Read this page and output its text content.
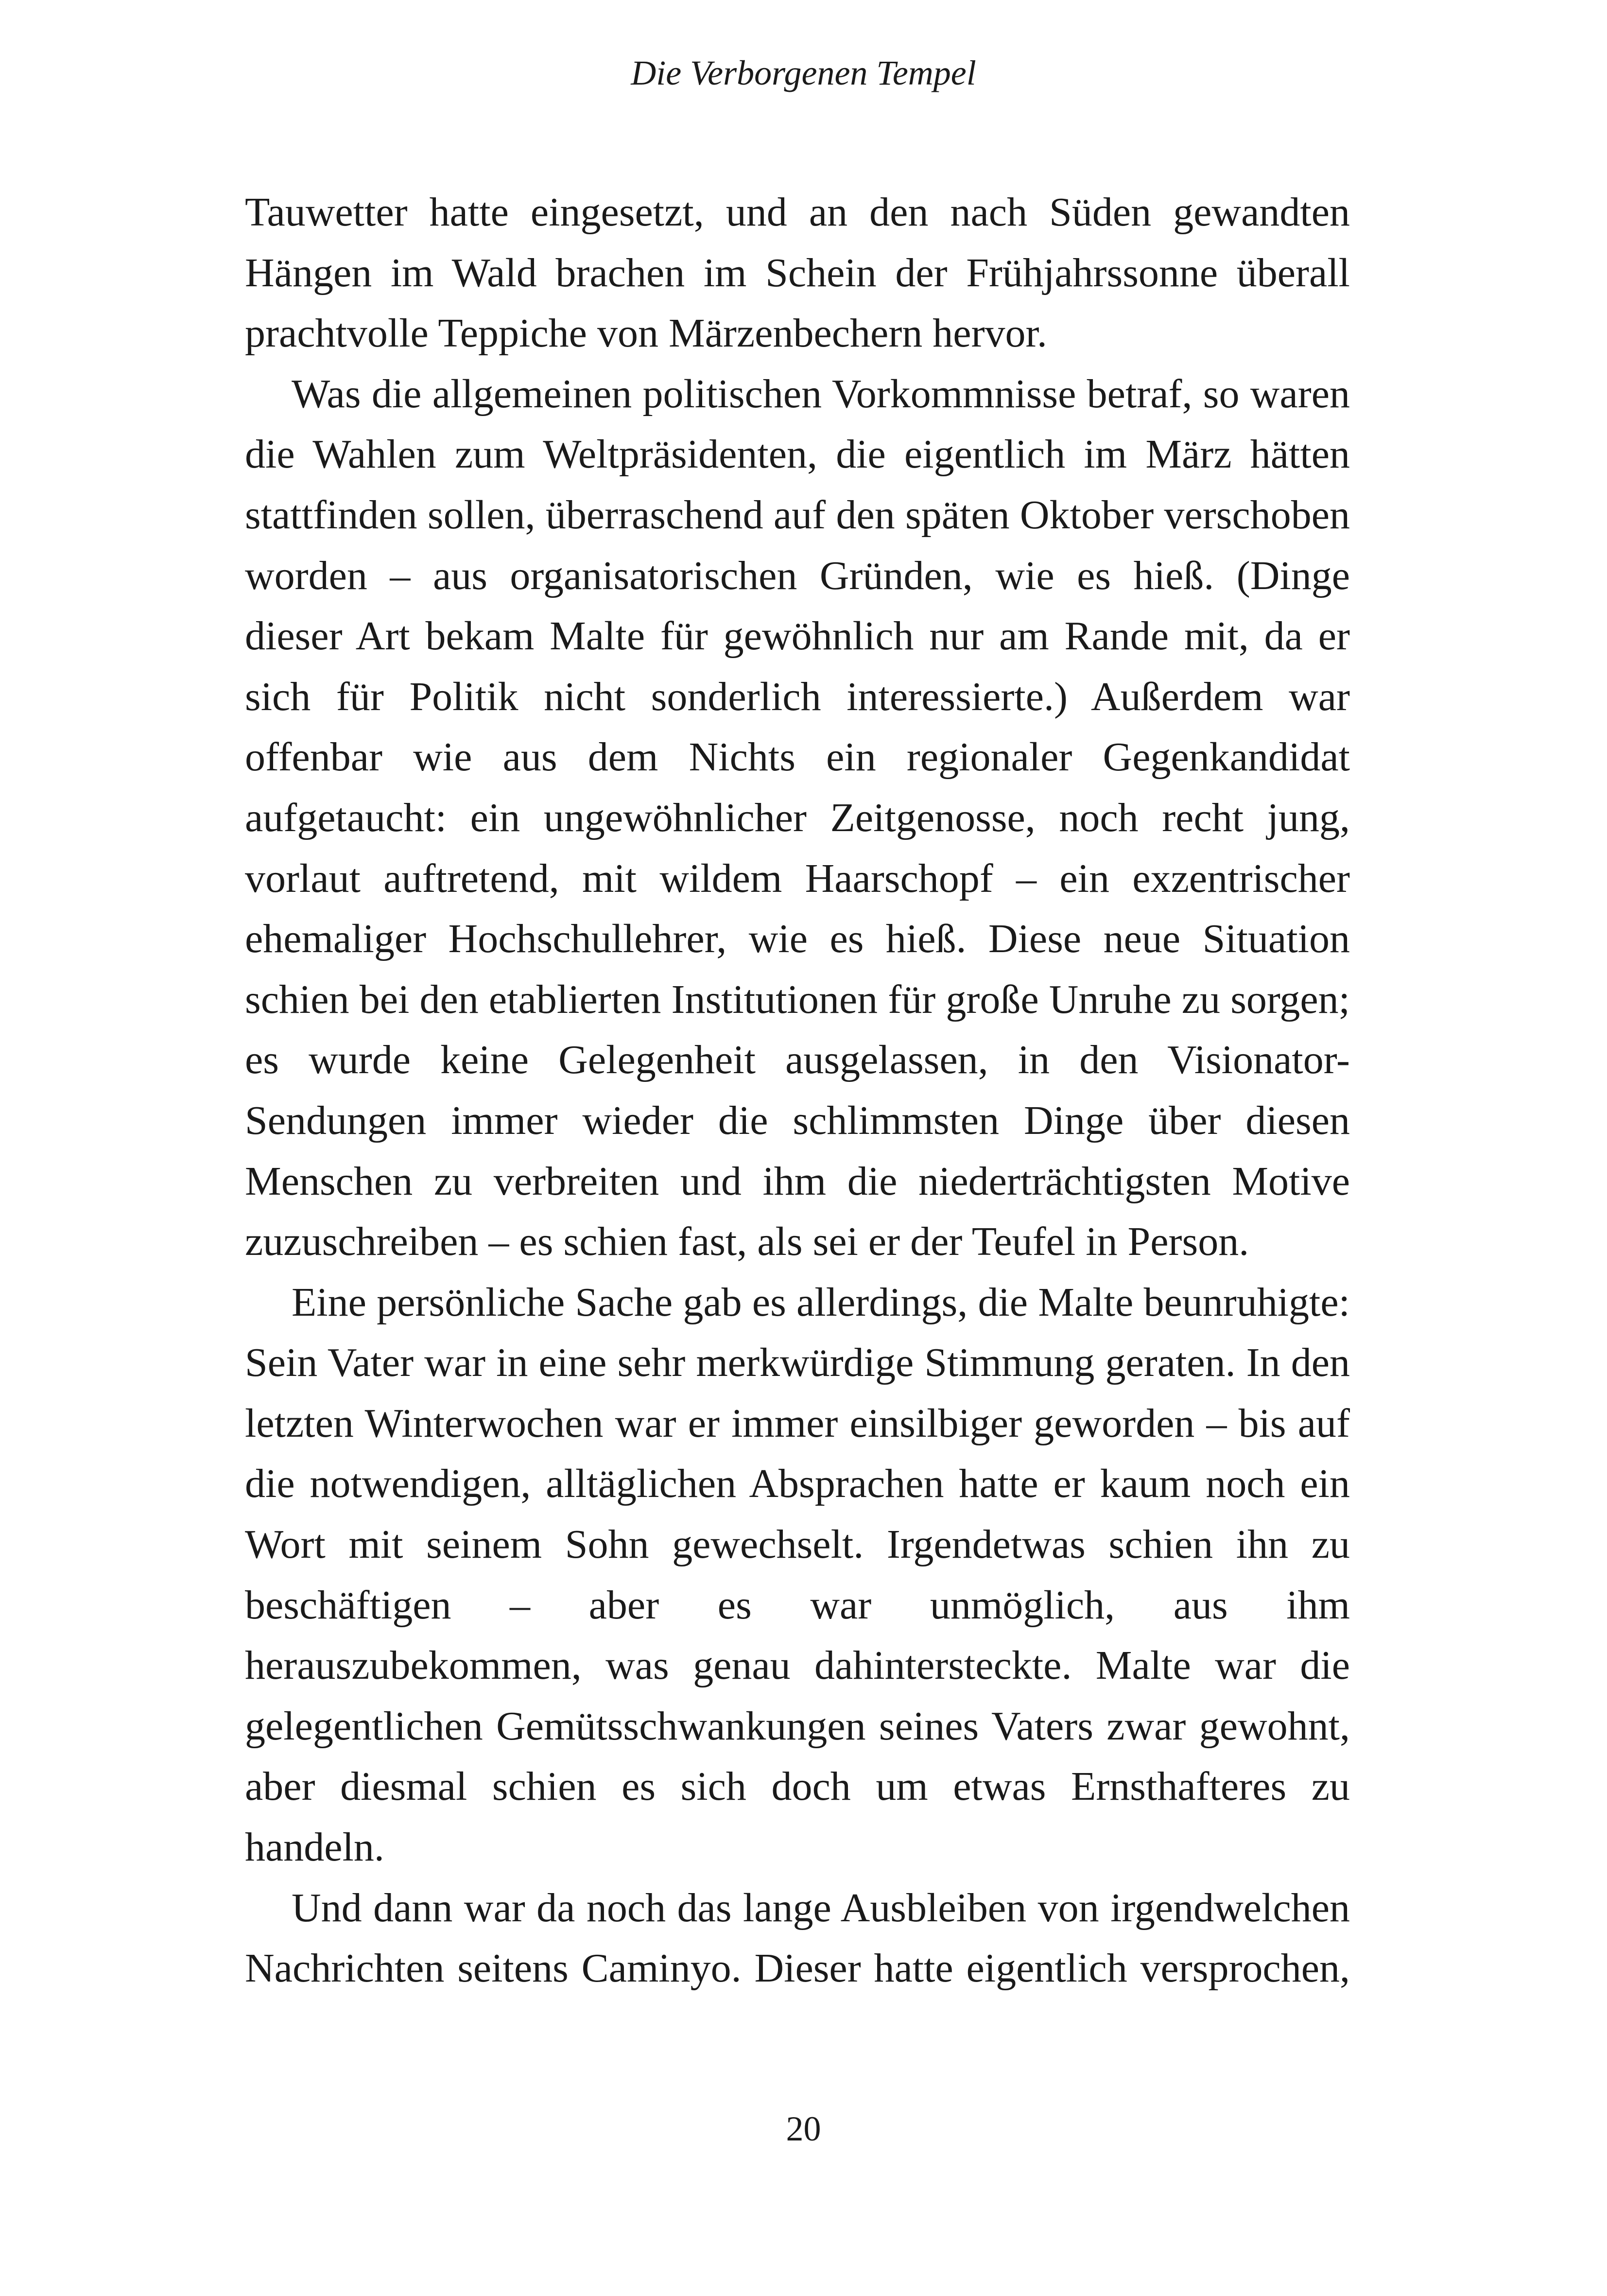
Die Verborgenen Tempel

Tauwetter hatte eingesetzt, und an den nach Süden gewandten Hängen im Wald brachen im Schein der Frühjahrssonne überall prachtvolle Teppiche von Märzenbechern hervor.

Was die allgemeinen politischen Vorkommnisse betraf, so waren die Wahlen zum Weltpräsidenten, die eigentlich im März hätten stattfinden sollen, überraschend auf den späten Oktober verschoben worden – aus organisatorischen Gründen, wie es hieß. (Dinge dieser Art bekam Malte für gewöhnlich nur am Rande mit, da er sich für Politik nicht sonderlich interessierte.) Außerdem war offenbar wie aus dem Nichts ein regionaler Gegenkandidat aufgetaucht: ein ungewöhnlicher Zeitgenosse, noch recht jung, vorlaut auftretend, mit wildem Haarschopf – ein exzentrischer ehemaliger Hochschullehrer, wie es hieß. Diese neue Situation schien bei den etablierten Institutionen für große Unruhe zu sorgen; es wurde keine Gelegenheit ausgelassen, in den Visionator-Sendungen immer wieder die schlimmsten Dinge über diesen Menschen zu verbreiten und ihm die niederträchtigsten Motive zuzuschreiben – es schien fast, als sei er der Teufel in Person.

Eine persönliche Sache gab es allerdings, die Malte beunruhigte: Sein Vater war in eine sehr merkwürdige Stimmung geraten. In den letzten Winterwochen war er immer einsilbiger geworden – bis auf die notwendigen, alltäglichen Absprachen hatte er kaum noch ein Wort mit seinem Sohn gewechselt. Irgendetwas schien ihn zu beschäftigen – aber es war unmöglich, aus ihm herauszubekommen, was genau dahintersteckte. Malte war die gelegentlichen Gemütsschwankungen seines Vaters zwar gewohnt, aber diesmal schien es sich doch um etwas Ernsthafteres zu handeln.

Und dann war da noch das lange Ausbleiben von irgendwelchen Nachrichten seitens Caminyo. Dieser hatte eigentlich versprochen,

20
